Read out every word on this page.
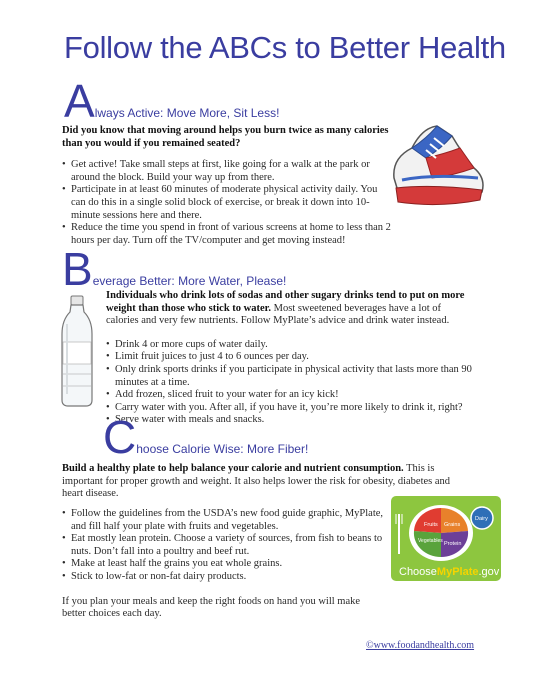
Follow the ABCs to Better Health
Always Active: Move More, Sit Less!
Did you know that moving around helps you burn twice as many calories than you would if you remained seated?
• Get active! Take small steps at first, like going for a walk at the park or around the block. Build your way up from there.
• Participate in at least 60 minutes of moderate physical activity daily. You can do this in a single solid block of exercise, or break it down into 10-minute sessions here and there.
• Reduce the time you spend in front of various screens at home to less than 2 hours per day. Turn off the TV/computer and get moving instead!
Beverage Better: More Water, Please!
Individuals who drink lots of sodas and other sugary drinks tend to put on more weight than those who stick to water. Most sweetened beverages have a lot of calories and very few nutrients. Follow MyPlate’s advice and drink water instead.
• Drink 4 or more cups of water daily.
• Limit fruit juices to just 4 to 6 ounces per day.
• Only drink sports drinks if you participate in physical activity that lasts more than 90 minutes at a time.
• Add frozen, sliced fruit to your water for an icy kick!
• Carry water with you. After all, if you have it, you’re more likely to drink it, right?
• Serve water with meals and snacks.
Choose Calorie Wise: More Fiber!
Build a healthy plate to help balance your calorie and nutrient consumption. This is important for proper growth and weight. It also helps lower the risk for obesity, diabetes and heart disease.
• Follow the guidelines from the USDA’s new food guide graphic, MyPlate, and fill half your plate with fruits and vegetables.
• Eat mostly lean protein. Choose a variety of sources, from fish to beans to nuts. Don’t fall into a poultry and beef rut.
• Make at least half the grains you eat whole grains.
• Stick to low-fat or non-fat dairy products.
If you plan your meals and keep the right foods on hand you will make better choices each day.
Fruits Grains
Vegetables Protein
Dairy
ChooseMyPlate.gov
©www.foodandhealth.com
